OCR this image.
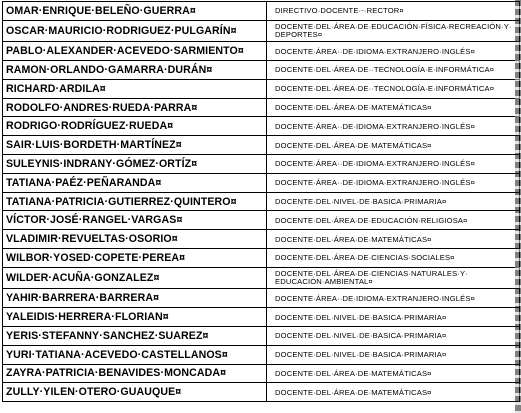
OMAR·ENRIQUE·BELEÑO·GUERRA¤	DIRECTIVO·DOCENTE·-·RECTOR¤
OSCAR·MAURICIO·RODRIGUEZ·PULGARÍN¤	DOCENTE·DEL·ÁREA·DE·EDUCACIÓN·FÍSICA·RECREACIÓN·Y· DEPORTES¤
PABLO·ALEXANDER·ACEVEDO·SARMIENTO¤	DOCENTE·ÁREA··DE·IDIOMA·EXTRANJERO·INGLÉS¤
RAMON·ORLANDO·GAMARRA·DURÁN¤	DOCENTE·DEL·ÁREA·DE··TECNOLOGÍA·E·INFORMÁTICA¤
RICHARD·ARDILA¤	DOCENTE·DEL·ÁREA·DE··TECNOLOGÍA·E·INFORMÁTICA¤
RODOLFO·ANDRES·RUEDA·PARRA¤	DOCENTE·DEL·ÁREA·DE·MATEMÁTICAS¤
RODRIGO·RODRÍGUEZ·RUEDA¤	DOCENTE·ÁREA··DE·IDIOMA·EXTRANJERO·INGLÉS¤
SAIR·LUIS·BORDETH·MARTÍNEZ¤	DOCENTE·DEL·ÁREA·DE·MATEMÁTICAS¤
SULEYNIS·INDRANY·GÓMEZ·ORTÍZ¤	DOCENTE·ÁREA··DE·IDIOMA·EXTRANJERO·INGLÉS¤
TATIANA·PAÉZ·PEÑARANDA¤	DOCENTE·ÁREA··DE·IDIOMA·EXTRANJERO·INGLÉS¤
TATIANA·PATRICIA·GUTIERREZ·QUINTERO¤	DOCENTE·DEL·NIVEL·DE·BASICA·PRIMARIA¤
VÍCTOR·JOSÉ·RANGEL·VARGAS¤	DOCENTE·DEL·ÁREA·DE·EDUCACIÓN·RELIGIOSA¤
VLADIMIR·REVUELTAS·OSORIO¤	DOCENTE·DEL·ÁREA·DE·MATEMÁTICAS¤
WILBOR·YOSED·COPETE·PEREA¤	DOCENTE·DEL·ÁREA·DE·CIENCIAS·SOCIALES¤
WILDER·ACUÑA·GONZALEZ¤	DOCENTE·DEL·ÁREA·DE·CIENCIAS·NATURALES·Y· EDUCACIÓN·AMBIENTAL¤
YAHIR·BARRERA·BARRERA¤	DOCENTE·ÁREA··DE·IDIOMA·EXTRANJERO·INGLÉS¤
YALEIDIS·HERRERA·FLORIAN¤	DOCENTE·DEL·NIVEL·DE·BASICA·PRIMARIA¤
YERIS·STEFANNY·SANCHEZ·SUAREZ¤	DOCENTE·DEL·NIVEL·DE·BASICA·PRIMARIA¤
YURI·TATIANA·ACEVEDO·CASTELLANOS¤	DOCENTE·DEL·NIVEL·DE·BASICA·PRIMARIA¤
ZAYRA·PATRICIA·BENAVIDES·MONCADA¤	DOCENTE·DEL·ÁREA·DE·MATEMÁTICAS¤
ZULLY·YILEN·OTERO·GUAUQUE¤	DOCENTE·DEL·ÁREA·DE·MATEMÁTICAS¤
